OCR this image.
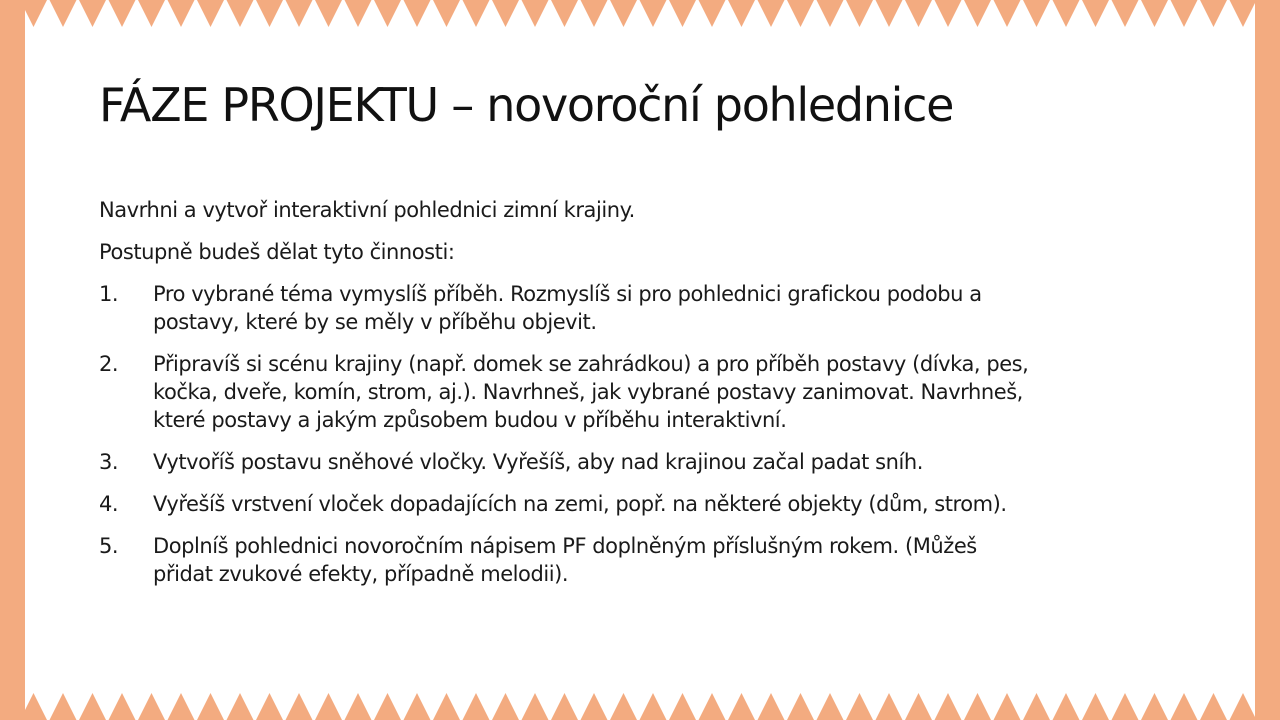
FÁZE PROJEKTU – novoroční pohlednice

Navrhni a vytvoř interaktivní pohlednici zimní krajiny.

Postupně budeš dělat tyto činnosti:

1.	Pro vybrané téma vymyslíš příběh. Rozmyslíš si pro pohlednici grafickou podobu a
postavy, které by se měly v příběhu objevit.
2.	Připravíš si scénu krajiny (např. domek se zahrádkou) a pro příběh postavy (dívka, pes,
kočka, dveře, komín, strom, aj.). Navrhneš, jak vybrané postavy zanimovat. Navrhneš,
které postavy a jakým způsobem budou v příběhu interaktivní.
3.	Vytvoříš postavu sněhové vločky. Vyřešíš, aby nad krajinou začal padat sníh.
4.	Vyřešíš vrstvení vloček dopadajících na zemi, popř. na některé objekty (dům, strom).
5.	Doplníš pohlednici novoročním nápisem PF doplněným příslušným rokem. (Můžeš
přidat zvukové efekty, případně melodii).
